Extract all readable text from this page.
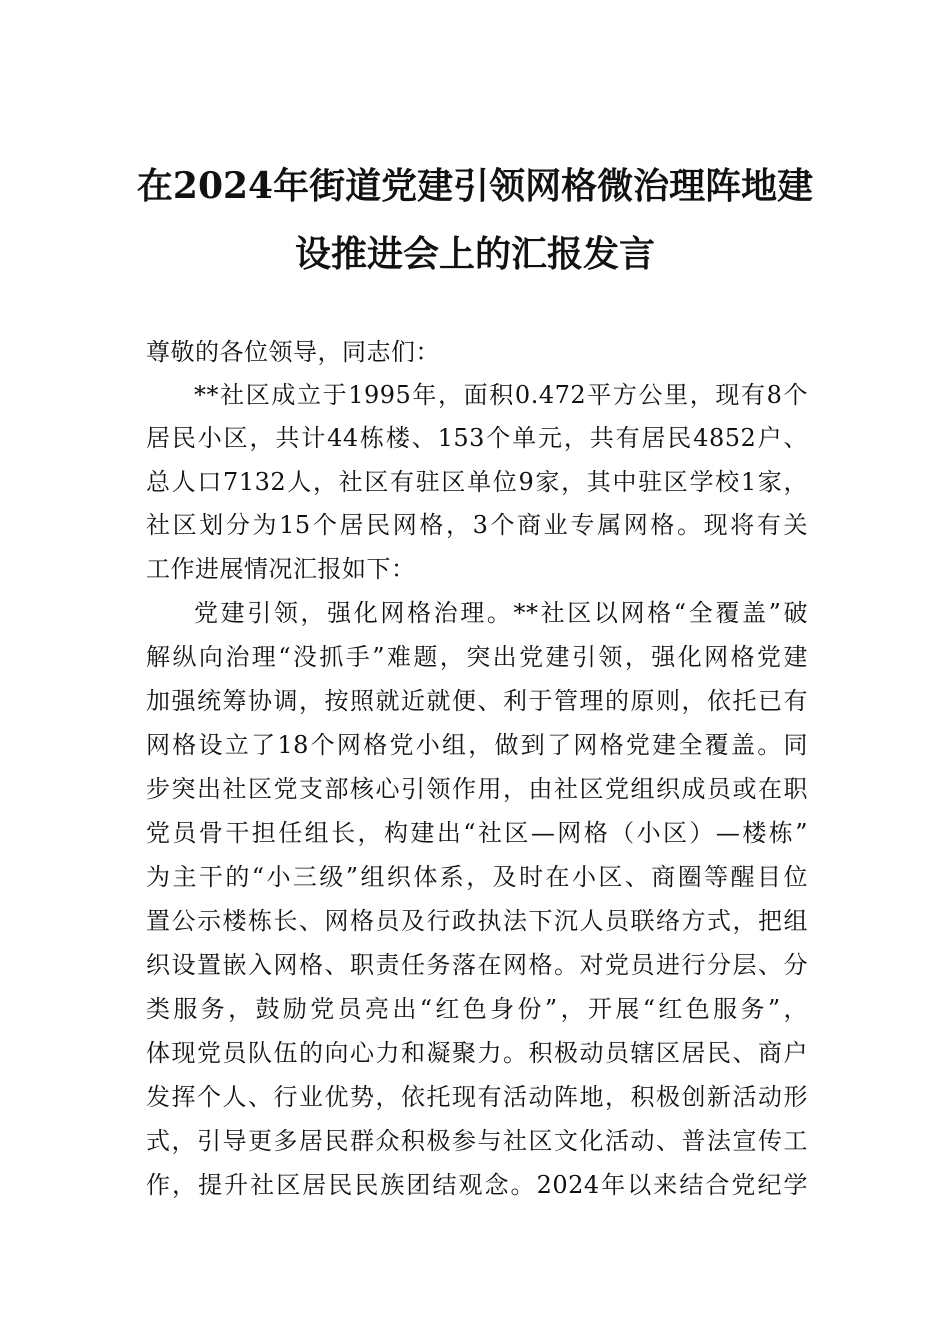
在2024年街道党建引领网格微治理阵地建
设推进会上的汇报发言
尊敬的各位领导，同志们：
**社区成立于1995年，面积0.472平方公里，现有8个
居民小区，共计44栋楼、153个单元，共有居民4852户、
总人口7132人，社区有驻区单位9家，其中驻区学校1家，
社区划分为15个居民网格，3个商业专属网格。现将有关
工作进展情况汇报如下：
党建引领，强化网格治理。**社区以网格“全覆盖”破
解纵向治理“没抓手”难题，突出党建引领，强化网格党建
加强统筹协调，按照就近就便、利于管理的原则，依托已有
网格设立了18个网格党小组，做到了网格党建全覆盖。同
步突出社区党支部核心引领作用，由社区党组织成员或在职
党员骨干担任组长，构建出“社区—网格（小区）—楼栋”
为主干的“小三级”组织体系，及时在小区、商圈等醒目位
置公示楼栋长、网格员及行政执法下沉人员联络方式，把组
织设置嵌入网格、职责任务落在网格。对党员进行分层、分
类服务，鼓励党员亮出“红色身份”，开展“红色服务”，
体现党员队伍的向心力和凝聚力。积极动员辖区居民、商户
发挥个人、行业优势，依托现有活动阵地，积极创新活动形
式，引导更多居民群众积极参与社区文化活动、普法宣传工
作，提升社区居民民族团结观念。2024年以来结合党纪学
